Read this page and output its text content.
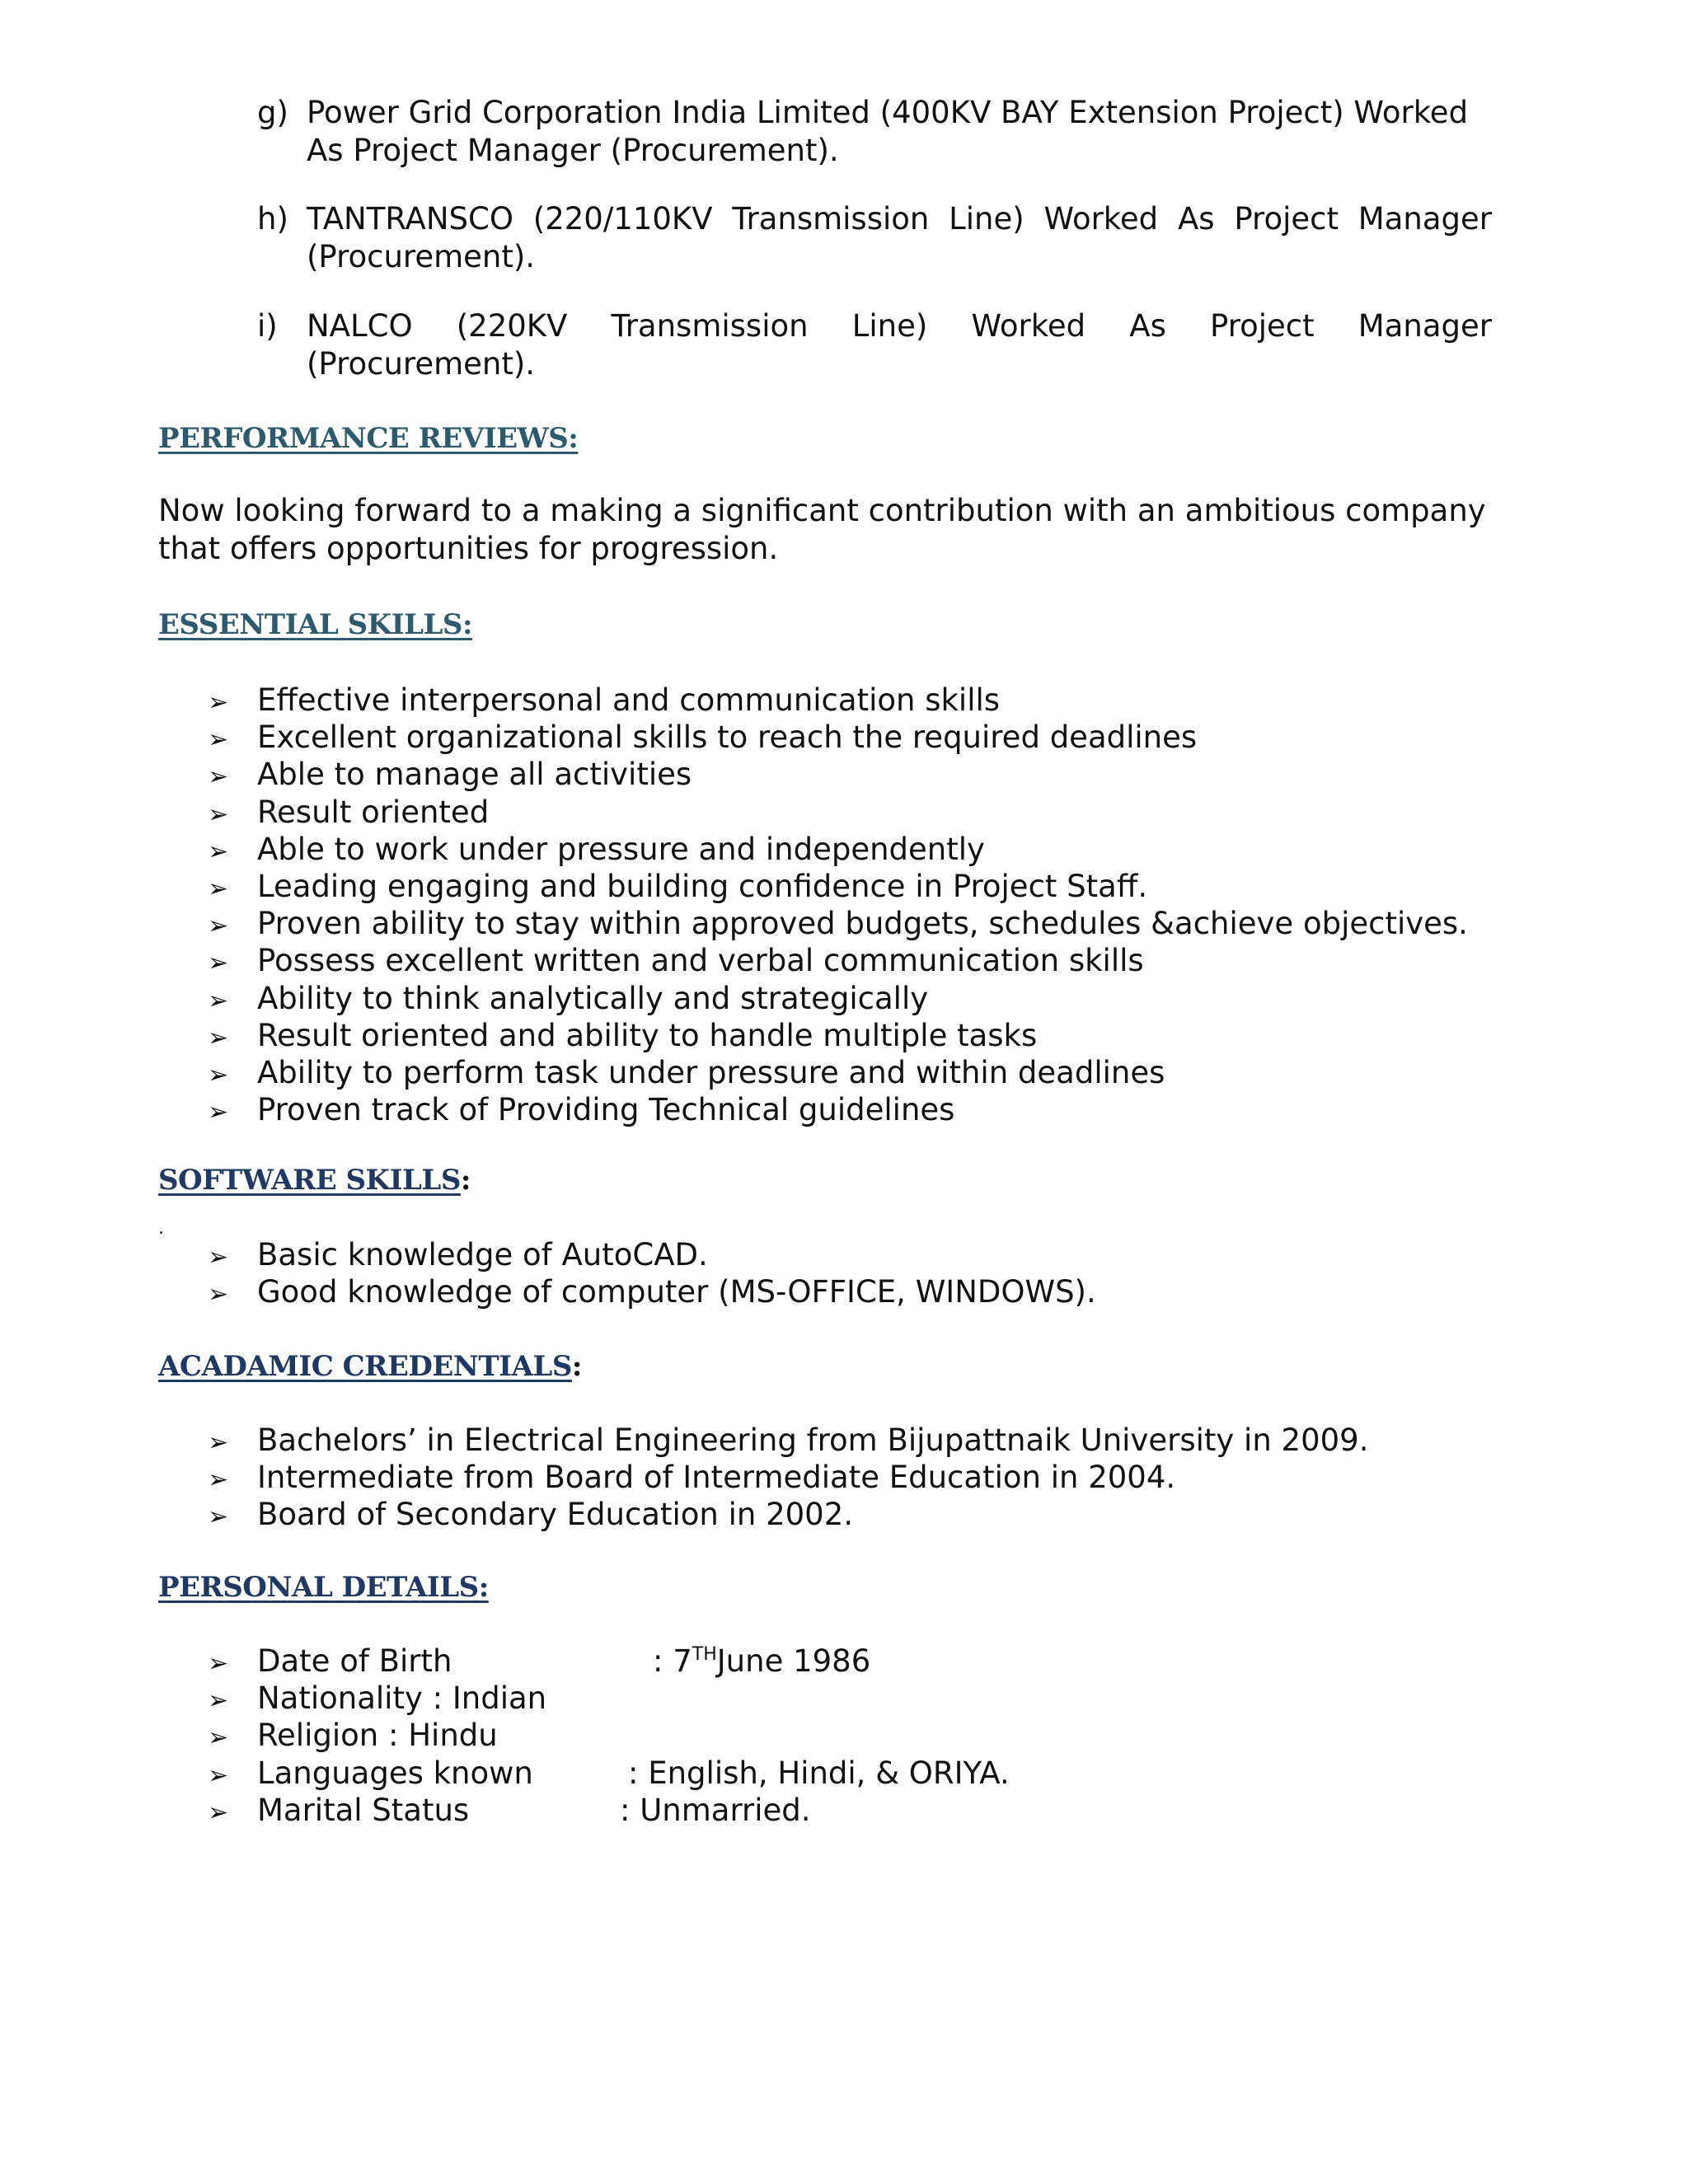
g) Power Grid Corporation India Limited (400KV BAY Extension Project) Worked
As Project Manager (Procurement).
h) TANTRANSCO (220/110KV Transmission Line) Worked As Project Manager
(Procurement).
i) NALCO (220KV Transmission Line) Worked As Project Manager
(Procurement).
PERFORMANCE REVIEWS:
Now looking forward to a making a significant contribution with an ambitious company
that offers opportunities for progression.
ESSENTIAL SKILLS:
➢ Effective interpersonal and communication skills
➢ Excellent organizational skills to reach the required deadlines
➢ Able to manage all activities
➢ Result oriented
➢ Able to work under pressure and independently
➢ Leading engaging and building confidence in Project Staff.
➢ Proven ability to stay within approved budgets, schedules &achieve objectives.
➢ Possess excellent written and verbal communication skills
➢ Ability to think analytically and strategically
➢ Result oriented and ability to handle multiple tasks
➢ Ability to perform task under pressure and within deadlines
➢ Proven track of Providing Technical guidelines
SOFTWARE SKILLS:
.
➢ Basic knowledge of AutoCAD.
➢ Good knowledge of computer (MS-OFFICE, WINDOWS).
ACADAMIC CREDENTIALS:
➢ Bachelors’ in Electrical Engineering from Bijupattnaik University in 2009.
➢ Intermediate from Board of Intermediate Education in 2004.
➢ Board of Secondary Education in 2002.
PERSONAL DETAILS:
➢ Date of Birth	: 7THJune 1986
➢ Nationality : Indian
➢ Religion : Hindu
➢ Languages known	: English, Hindi, & ORIYA.
➢ Marital Status	: Unmarried.
